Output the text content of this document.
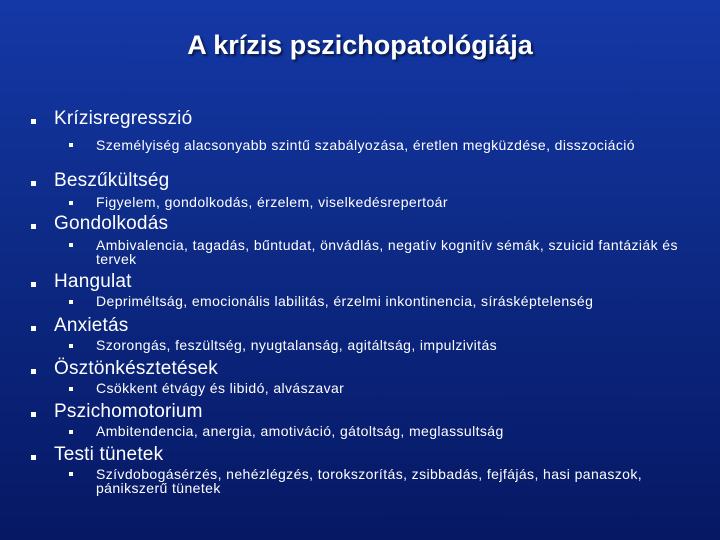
A krízis pszichopatológiája
Krízisregresszió
Személyiség alacsonyabb szintű szabályozása, éretlen megküzdése, disszociáció
Beszűkültség
Figyelem, gondolkodás, érzelem, viselkedésrepertoár
Gondolkodás
Ambivalencia, tagadás, bűntudat, önvádlás, negatív kognitív sémák, szuicid fantáziák és tervek
Hangulat
Depriméltság, emocionális labilitás, érzelmi inkontinencia, sírásképtelenség
Anxietás
Szorongás, feszültség, nyugtalanság, agitáltság, impulzivitás
Ösztönkésztetések
Csökkent étvágy és libidó, alvászavar
Pszichomotorium
Ambitendencia, anergia, amotiváció, gátoltság, meglassultság
Testi tünetek
Szívdobogásérzés, nehézlégzés, torokszorítás, zsibbadás, fejfájás, hasi panaszok, pánikszerű tünetek
